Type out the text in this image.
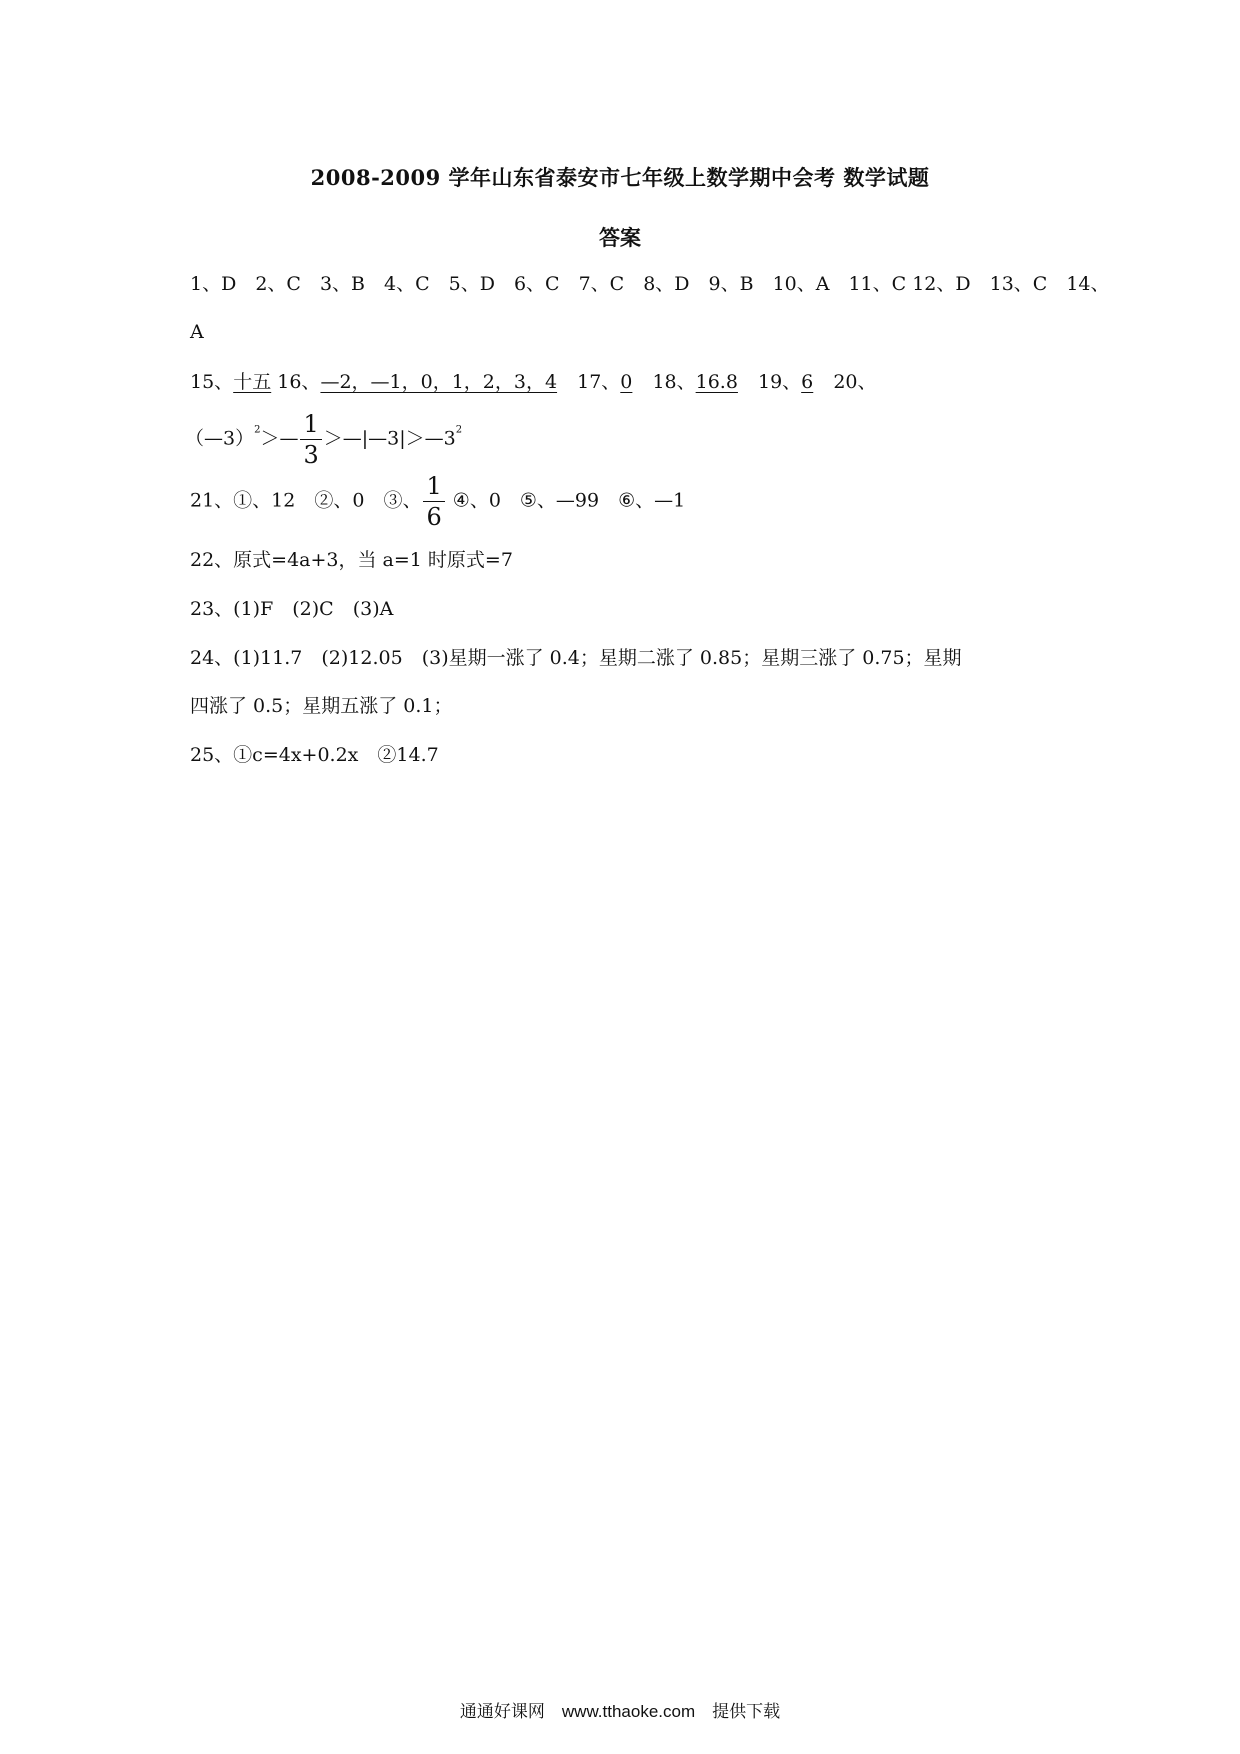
2008-2009 学年山东省泰安市七年级上数学期中会考 数学试题
答案
1、D　2、C　3、B　4、C　5、D　6、C　7、C　8、D　9、B　10、A　11、C 12、D　13、C　14、
A
15、十五 16、—2，—1，0，1，2，3，4 17、0 18、16.8 19、6 20、
（—3）$^2$＞— $\frac{1}{3}$ $>—|—3|>—3^2$
21、①、12　②、0　③、 $\frac{1}{6}$ ④、0　⑤、—99　⑥、—1
22、原式=4a+3，当 a=1 时原式=7
23、(1)F　(2)C　(3)A
24、(1)11.7　(2)12.05　(3)星期一涨了 0.4；星期二涨了 0.85；星期三涨了 0.75；星期
四涨了 0.5；星期五涨了 0.1；
25、①c=4x+0.2x　②14.7
通通好课网　www.tthaoke.com　提供下载
